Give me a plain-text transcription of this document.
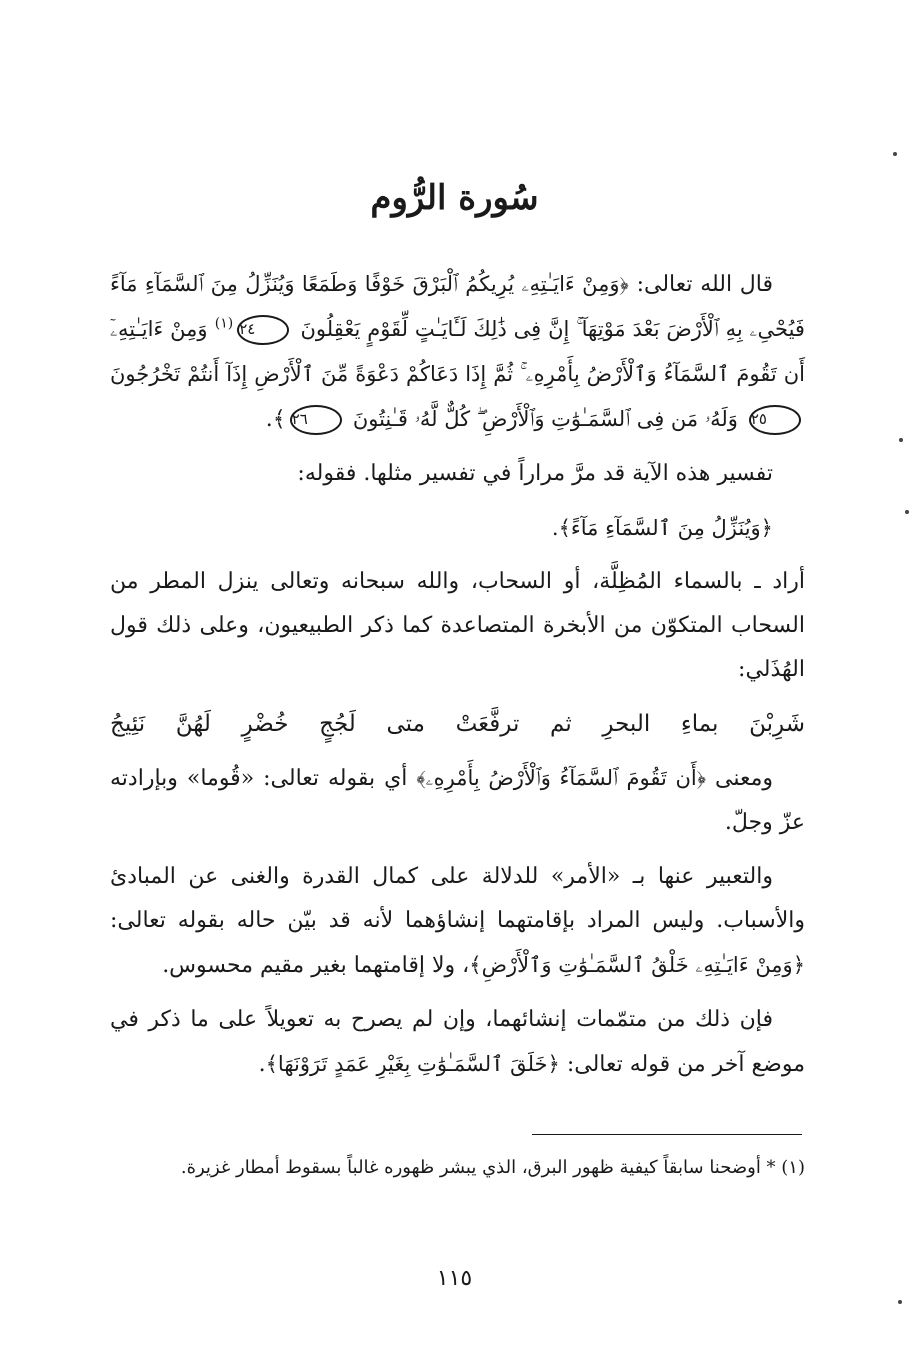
سُورة الرُّوم

قال الله تعالى: ﴿وَمِنْ ءَايَـٰتِهِۦ يُرِيكُمُ ٱلْبَرْقَ خَوْفًا وَطَمَعًا وَيُنَزِّلُ مِنَ ٱلسَّمَآءِ مَآءً فَيُحْىِۦ بِهِ ٱلْأَرْضَ بَعْدَ مَوْتِهَآ ۚ إِنَّ فِى ذَٰلِكَ لَـَٔايَـٰتٍ لِّقَوْمٍ يَعْقِلُونَ ٢٤$^{(١)}$ وَمِنْ ءَايَـٰتِهِۦٓ أَن تَقُومَ ٱلسَّمَآءُ وَٱلْأَرْضُ بِأَمْرِهِۦ ۚ ثُمَّ إِذَا دَعَاكُمْ دَعْوَةً مِّنَ ٱلْأَرْضِ إِذَآ أَنتُمْ تَخْرُجُونَ ٢٥ وَلَهُۥ مَن فِى ٱلسَّمَـٰوَٰتِ وَٱلْأَرْضِ ۖ كُلٌّ لَّهُۥ قَـٰنِتُونَ ٢٦﴾.

تفسير هذه الآية قد مرَّ مراراً في تفسير مثلها. فقوله:

﴿وَيُنَزِّلُ مِنَ ٱلسَّمَآءِ مَآءً﴾.

أراد ـ بالسماء المُظِلَّة، أو السحاب، والله سبحانه وتعالى ينزل المطر من السحاب المتكوّن من الأبخرة المتصاعدة كما ذكر الطبيعيون، وعلى ذلك قول الهُذَلي:

شَرِبْنَ بماءِ البحرِ ثم ترفَّعَتْ متى لَجُجٍ خُضْرٍ لَهُنَّ نَئِيجُ

ومعنى ﴿أَن تَقُومَ ٱلسَّمَآءُ وَٱلْأَرْضُ بِأَمْرِهِۦ﴾ أي بقوله تعالى: «قُوما» وبإرادته عزّ وجلّ.

والتعبير عنها بـ «الأمر» للدلالة على كمال القدرة والغنى عن المبادئ والأسباب. وليس المراد بإقامتهما إنشاؤهما لأنه قد بيّن حاله بقوله تعالى: ﴿وَمِنْ ءَايَـٰتِهِۦ خَلْقُ ٱلسَّمَـٰوَٰتِ وَٱلْأَرْضِ﴾، ولا إقامتهما بغير مقيم محسوس.

فإن ذلك من متمّمات إنشائهما، وإن لم يصرح به تعويلاً على ما ذكر في موضع آخر من قوله تعالى: ﴿خَلَقَ ٱلسَّمَـٰوَٰتِ بِغَيْرِ عَمَدٍ تَرَوْنَهَا﴾.

(١) * أوضحنا سابقاً كيفية ظهور البرق، الذي يبشر ظهوره غالباً بسقوط أمطار غزيرة.

١١٥
